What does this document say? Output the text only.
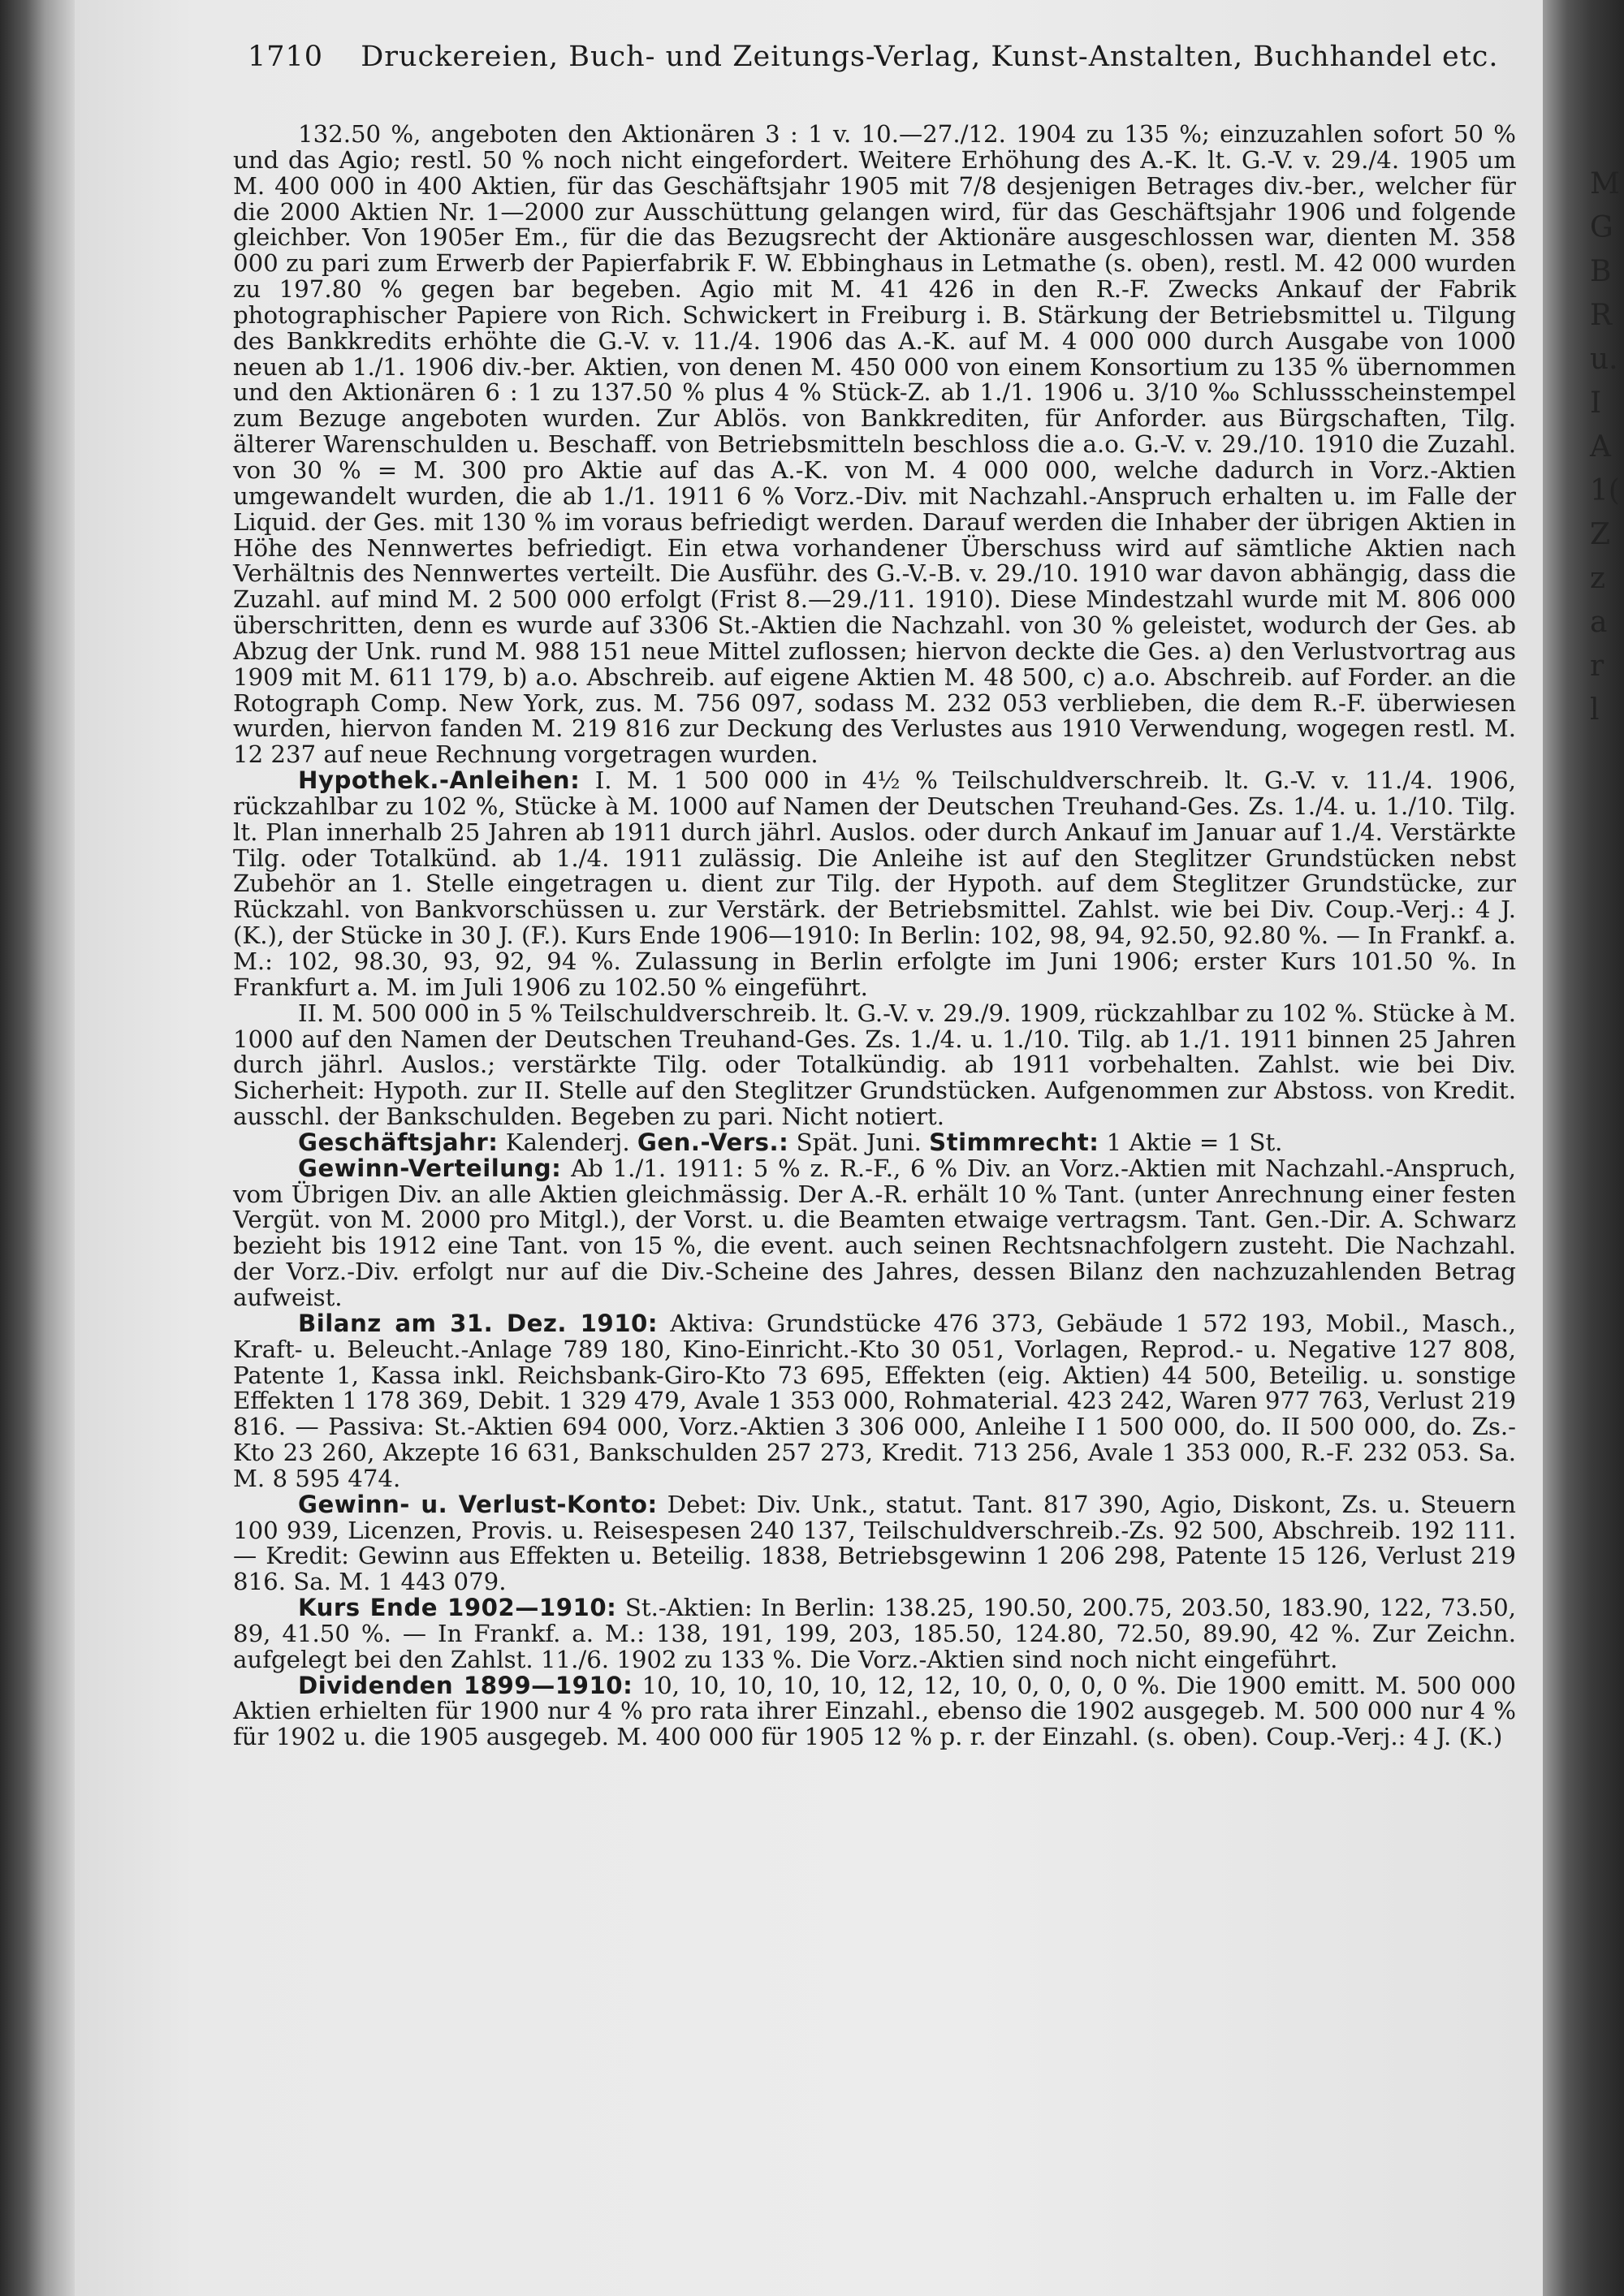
M
G
B
R
u.
I
A
1(
Z
z
a
r
l
1710 Druckereien, Buch- und Zeitungs-Verlag, Kunst-Anstalten, Buchhandel etc.

132.50 %, angeboten den Aktionären 3 : 1 v. 10.—27./12. 1904 zu 135 %; einzuzahlen sofort 50 % und das Agio; restl. 50 % noch nicht eingefordert. Weitere Erhöhung des A.-K. lt. G.-V. v. 29./4. 1905 um M. 400 000 in 400 Aktien, für das Geschäftsjahr 1905 mit 7/8 desjenigen Betrages div.-ber., welcher für die 2000 Aktien Nr. 1—2000 zur Ausschüttung gelangen wird, für das Geschäftsjahr 1906 und folgende gleichber. Von 1905er Em., für die das Bezugsrecht der Aktionäre ausgeschlossen war, dienten M. 358 000 zu pari zum Erwerb der Papierfabrik F. W. Ebbinghaus in Letmathe (s. oben), restl. M. 42 000 wurden zu 197.80 % gegen bar begeben. Agio mit M. 41 426 in den R.-F. Zwecks Ankauf der Fabrik photographischer Papiere von Rich. Schwickert in Freiburg i. B. Stärkung der Betriebsmittel u. Tilgung des Bankkredits erhöhte die G.-V. v. 11./4. 1906 das A.-K. auf M. 4 000 000 durch Ausgabe von 1000 neuen ab 1./1. 1906 div.-ber. Aktien, von denen M. 450 000 von einem Konsortium zu 135 % übernommen und den Aktionären 6 : 1 zu 137.50 % plus 4 % Stück-Z. ab 1./1. 1906 u. 3/10 ‰ Schlussscheinstempel zum Bezuge angeboten wurden. Zur Ablös. von Bankkrediten, für Anforder. aus Bürgschaften, Tilg. älterer Warenschulden u. Beschaff. von Betriebsmitteln beschloss die a.o. G.-V. v. 29./10. 1910 die Zuzahl. von 30 % = M. 300 pro Aktie auf das A.-K. von M. 4 000 000, welche dadurch in Vorz.-Aktien umgewandelt wurden, die ab 1./1. 1911 6 % Vorz.-Div. mit Nachzahl.-Anspruch erhalten u. im Falle der Liquid. der Ges. mit 130 % im voraus befriedigt werden. Darauf werden die Inhaber der übrigen Aktien in Höhe des Nennwertes befriedigt. Ein etwa vorhandener Überschuss wird auf sämtliche Aktien nach Verhältnis des Nennwertes verteilt. Die Ausführ. des G.-V.-B. v. 29./10. 1910 war davon abhängig, dass die Zuzahl. auf mind M. 2 500 000 erfolgt (Frist 8.—29./11. 1910). Diese Mindestzahl wurde mit M. 806 000 überschritten, denn es wurde auf 3306 St.-Aktien die Nachzahl. von 30 % geleistet, wodurch der Ges. ab Abzug der Unk. rund M. 988 151 neue Mittel zuflossen; hiervon deckte die Ges. a) den Verlustvortrag aus 1909 mit M. 611 179, b) a.o. Abschreib. auf eigene Aktien M. 48 500, c) a.o. Abschreib. auf Forder. an die Rotograph Comp. New York, zus. M. 756 097, sodass M. 232 053 verblieben, die dem R.-F. überwiesen wurden, hiervon fanden M. 219 816 zur Deckung des Verlustes aus 1910 Verwendung, wogegen restl. M. 12 237 auf neue Rechnung vorgetragen wurden.

Hypothek.-Anleihen: I. M. 1 500 000 in 4½ % Teilschuldverschreib. lt. G.-V. v. 11./4. 1906, rückzahlbar zu 102 %, Stücke à M. 1000 auf Namen der Deutschen Treuhand-Ges. Zs. 1./4. u. 1./10. Tilg. lt. Plan innerhalb 25 Jahren ab 1911 durch jährl. Auslos. oder durch Ankauf im Januar auf 1./4. Verstärkte Tilg. oder Totalkünd. ab 1./4. 1911 zulässig. Die Anleihe ist auf den Steglitzer Grundstücken nebst Zubehör an 1. Stelle eingetragen u. dient zur Tilg. der Hypoth. auf dem Steglitzer Grundstücke, zur Rückzahl. von Bankvorschüssen u. zur Verstärk. der Betriebsmittel. Zahlst. wie bei Div. Coup.-Verj.: 4 J. (K.), der Stücke in 30 J. (F.). Kurs Ende 1906—1910: In Berlin: 102, 98, 94, 92.50, 92.80 %. — In Frankf. a. M.: 102, 98.30, 93, 92, 94 %. Zulassung in Berlin erfolgte im Juni 1906; erster Kurs 101.50 %. In Frankfurt a. M. im Juli 1906 zu 102.50 % eingeführt.

II. M. 500 000 in 5 % Teilschuldverschreib. lt. G.-V. v. 29./9. 1909, rückzahlbar zu 102 %. Stücke à M. 1000 auf den Namen der Deutschen Treuhand-Ges. Zs. 1./4. u. 1./10. Tilg. ab 1./1. 1911 binnen 25 Jahren durch jährl. Auslos.; verstärkte Tilg. oder Totalkündig. ab 1911 vorbehalten. Zahlst. wie bei Div. Sicherheit: Hypoth. zur II. Stelle auf den Steglitzer Grundstücken. Aufgenommen zur Abstoss. von Kredit. ausschl. der Bankschulden. Begeben zu pari. Nicht notiert.

Geschäftsjahr: Kalenderj. Gen.-Vers.: Spät. Juni. Stimmrecht: 1 Aktie = 1 St.

Gewinn-Verteilung: Ab 1./1. 1911: 5 % z. R.-F., 6 % Div. an Vorz.-Aktien mit Nachzahl.-Anspruch, vom Übrigen Div. an alle Aktien gleichmässig. Der A.-R. erhält 10 % Tant. (unter Anrechnung einer festen Vergüt. von M. 2000 pro Mitgl.), der Vorst. u. die Beamten etwaige vertragsm. Tant. Gen.-Dir. A. Schwarz bezieht bis 1912 eine Tant. von 15 %, die event. auch seinen Rechtsnachfolgern zusteht. Die Nachzahl. der Vorz.-Div. erfolgt nur auf die Div.-Scheine des Jahres, dessen Bilanz den nachzuzahlenden Betrag aufweist.

Bilanz am 31. Dez. 1910: Aktiva: Grundstücke 476 373, Gebäude 1 572 193, Mobil., Masch., Kraft- u. Beleucht.-Anlage 789 180, Kino-Einricht.-Kto 30 051, Vorlagen, Reprod.- u. Negative 127 808, Patente 1, Kassa inkl. Reichsbank-Giro-Kto 73 695, Effekten (eig. Aktien) 44 500, Beteilig. u. sonstige Effekten 1 178 369, Debit. 1 329 479, Avale 1 353 000, Rohmaterial. 423 242, Waren 977 763, Verlust 219 816. — Passiva: St.-Aktien 694 000, Vorz.-Aktien 3 306 000, Anleihe I 1 500 000, do. II 500 000, do. Zs.-Kto 23 260, Akzepte 16 631, Bankschulden 257 273, Kredit. 713 256, Avale 1 353 000, R.-F. 232 053. Sa. M. 8 595 474.

Gewinn- u. Verlust-Konto: Debet: Div. Unk., statut. Tant. 817 390, Agio, Diskont, Zs. u. Steuern 100 939, Licenzen, Provis. u. Reisespesen 240 137, Teilschuldverschreib.-Zs. 92 500, Abschreib. 192 111. — Kredit: Gewinn aus Effekten u. Beteilig. 1838, Betriebsgewinn 1 206 298, Patente 15 126, Verlust 219 816. Sa. M. 1 443 079.

Kurs Ende 1902—1910: St.-Aktien: In Berlin: 138.25, 190.50, 200.75, 203.50, 183.90, 122, 73.50, 89, 41.50 %. — In Frankf. a. M.: 138, 191, 199, 203, 185.50, 124.80, 72.50, 89.90, 42 %. Zur Zeichn. aufgelegt bei den Zahlst. 11./6. 1902 zu 133 %. Die Vorz.-Aktien sind noch nicht eingeführt.

Dividenden 1899—1910: 10, 10, 10, 10, 10, 12, 12, 10, 0, 0, 0, 0 %. Die 1900 emitt. M. 500 000 Aktien erhielten für 1900 nur 4 % pro rata ihrer Einzahl., ebenso die 1902 ausgegeb. M. 500 000 nur 4 % für 1902 u. die 1905 ausgegeb. M. 400 000 für 1905 12 % p. r. der Einzahl. (s. oben). Coup.-Verj.: 4 J. (K.)
